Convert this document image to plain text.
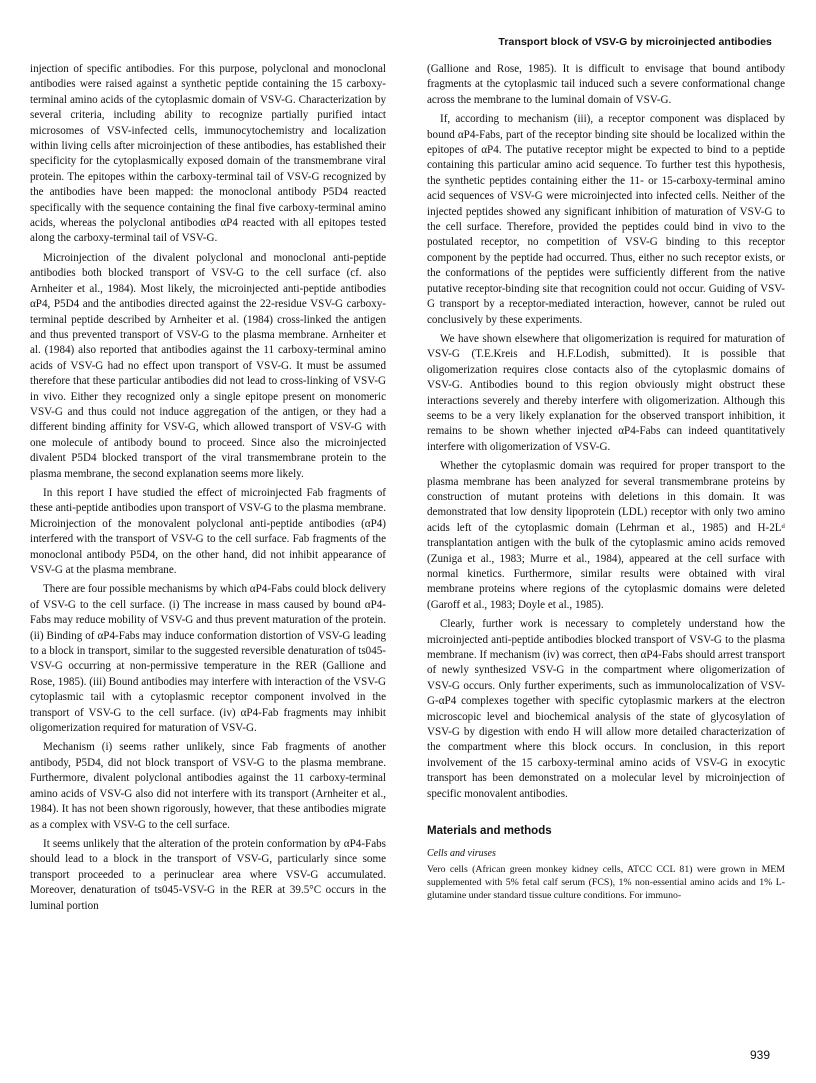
Transport block of VSV-G by microinjected antibodies

injection of specific antibodies. For this purpose, polyclonal and monoclonal antibodies were raised against a synthetic peptide containing the 15 carboxy-terminal amino acids of the cytoplasmic domain of VSV-G. Characterization by several criteria, including ability to recognize partially purified intact microsomes of VSV-infected cells, immunocytochemistry and localization within living cells after microinjection of these antibodies, has established their specificity for the cytoplasmically exposed domain of the transmembrane viral protein. The epitopes within the carboxy-terminal tail of VSV-G recognized by the antibodies have been mapped: the monoclonal antibody P5D4 reacted specifically with the sequence containing the final five carboxy-terminal amino acids, whereas the polyclonal antibodies αP4 reacted with all epitopes tested along the carboxy-terminal tail of VSV-G.

Microinjection of the divalent polyclonal and monoclonal anti-peptide antibodies both blocked transport of VSV-G to the cell surface (cf. also Arnheiter et al., 1984). Most likely, the microinjected anti-peptide antibodies αP4, P5D4 and the antibodies directed against the 22-residue VSV-G carboxy-terminal peptide described by Arnheiter et al. (1984) cross-linked the antigen and thus prevented transport of VSV-G to the plasma membrane. Arnheiter et al. (1984) also reported that antibodies against the 11 carboxy-terminal amino acids of VSV-G had no effect upon transport of VSV-G. It must be assumed therefore that these particular antibodies did not lead to cross-linking of VSV-G in vivo. Either they recognized only a single epitope present on monomeric VSV-G and thus could not induce aggregation of the antigen, or they had a different binding affinity for VSV-G, which allowed transport of VSV-G with one molecule of antibody bound to proceed. Since also the microinjected divalent P5D4 blocked transport of the viral transmembrane protein to the plasma membrane, the second explanation seems more likely.

In this report I have studied the effect of microinjected Fab fragments of these anti-peptide antibodies upon transport of VSV-G to the plasma membrane. Microinjection of the monovalent polyclonal anti-peptide antibodies (αP4) interfered with the transport of VSV-G to the cell surface. Fab fragments of the monoclonal antibody P5D4, on the other hand, did not inhibit appearance of VSV-G at the plasma membrane.

There are four possible mechanisms by which αP4-Fabs could block delivery of VSV-G to the cell surface. (i) The increase in mass caused by bound αP4-Fabs may reduce mobility of VSV-G and thus prevent maturation of the protein. (ii) Binding of αP4-Fabs may induce conformation distortion of VSV-G leading to a block in transport, similar to the suggested reversible denaturation of ts045-VSV-G occurring at non-permissive temperature in the RER (Gallione and Rose, 1985). (iii) Bound antibodies may interfere with interaction of the VSV-G cytoplasmic tail with a cytoplasmic receptor component involved in the transport of VSV-G to the cell surface. (iv) αP4-Fab fragments may inhibit oligomerization required for maturation of VSV-G.

Mechanism (i) seems rather unlikely, since Fab fragments of another antibody, P5D4, did not block transport of VSV-G to the plasma membrane. Furthermore, divalent polyclonal antibodies against the 11 carboxy-terminal amino acids of VSV-G also did not interfere with its transport (Arnheiter et al., 1984). It has not been shown rigorously, however, that these antibodies migrate as a complex with VSV-G to the cell surface.

It seems unlikely that the alteration of the protein conformation by αP4-Fabs should lead to a block in the transport of VSV-G, particularly since some transport proceeded to a perinuclear area where VSV-G accumulated. Moreover, denaturation of ts045-VSV-G in the RER at 39.5°C occurs in the luminal portion

(Gallione and Rose, 1985). It is difficult to envisage that bound antibody fragments at the cytoplasmic tail induced such a severe conformational change across the membrane to the luminal domain of VSV-G.

If, according to mechanism (iii), a receptor component was displaced by bound αP4-Fabs, part of the receptor binding site should be localized within the epitopes of αP4. The putative receptor might be expected to bind to a peptide containing this particular amino acid sequence. To further test this hypothesis, the synthetic peptides containing either the 11- or 15-carboxy-terminal amino acid sequences of VSV-G were microinjected into infected cells. Neither of the injected peptides showed any significant inhibition of maturation of VSV-G to the cell surface. Therefore, provided the peptides could bind in vivo to the postulated receptor, no competition of VSV-G binding to this receptor component by the peptide had occurred. Thus, either no such receptor exists, or the conformations of the peptides were sufficiently different from the native putative receptor-binding site that recognition could not occur. Guiding of VSV-G transport by a receptor-mediated interaction, however, cannot be ruled out conclusively by these experiments.

We have shown elsewhere that oligomerization is required for maturation of VSV-G (T.E.Kreis and H.F.Lodish, submitted). It is possible that oligomerization requires close contacts also of the cytoplasmic domains of VSV-G. Antibodies bound to this region obviously might obstruct these interactions severely and thereby interfere with oligomerization. Although this seems to be a very likely explanation for the observed transport inhibition, it remains to be shown whether injected αP4-Fabs can indeed quantitatively interfere with oligomerization of VSV-G.

Whether the cytoplasmic domain was required for proper transport to the plasma membrane has been analyzed for several transmembrane proteins by construction of mutant proteins with deletions in this domain. It was demonstrated that low density lipoprotein (LDL) receptor with only two amino acids left of the cytoplasmic domain (Lehrman et al., 1985) and H-2Lᵈ transplantation antigen with the bulk of the cytoplasmic amino acids removed (Zuniga et al., 1983; Murre et al., 1984), appeared at the cell surface with normal kinetics. Furthermore, similar results were obtained with viral membrane proteins where regions of the cytoplasmic domains were deleted (Garoff et al., 1983; Doyle et al., 1985).

Clearly, further work is necessary to completely understand how the microinjected anti-peptide antibodies blocked transport of VSV-G to the plasma membrane. If mechanism (iv) was correct, then αP4-Fabs should arrest transport of newly synthesized VSV-G in the compartment where oligomerization of VSV-G occurs. Only further experiments, such as immunolocalization of VSV-G-αP4 complexes together with specific cytoplasmic markers at the electron microscopic level and biochemical analysis of the state of glycosylation of VSV-G by digestion with endo H will allow more detailed characterization of the compartment where this block occurs. In conclusion, in this report involvement of the 15 carboxy-terminal amino acids of VSV-G in exocytic transport has been demonstrated on a molecular level by microinjection of specific monovalent antibodies.

Materials and methods
Cells and viruses
Vero cells (African green monkey kidney cells, ATCC CCL 81) were grown in MEM supplemented with 5% fetal calf serum (FCS), 1% non-essential amino acids and 1% L-glutamine under standard tissue culture conditions. For immuno-
939
